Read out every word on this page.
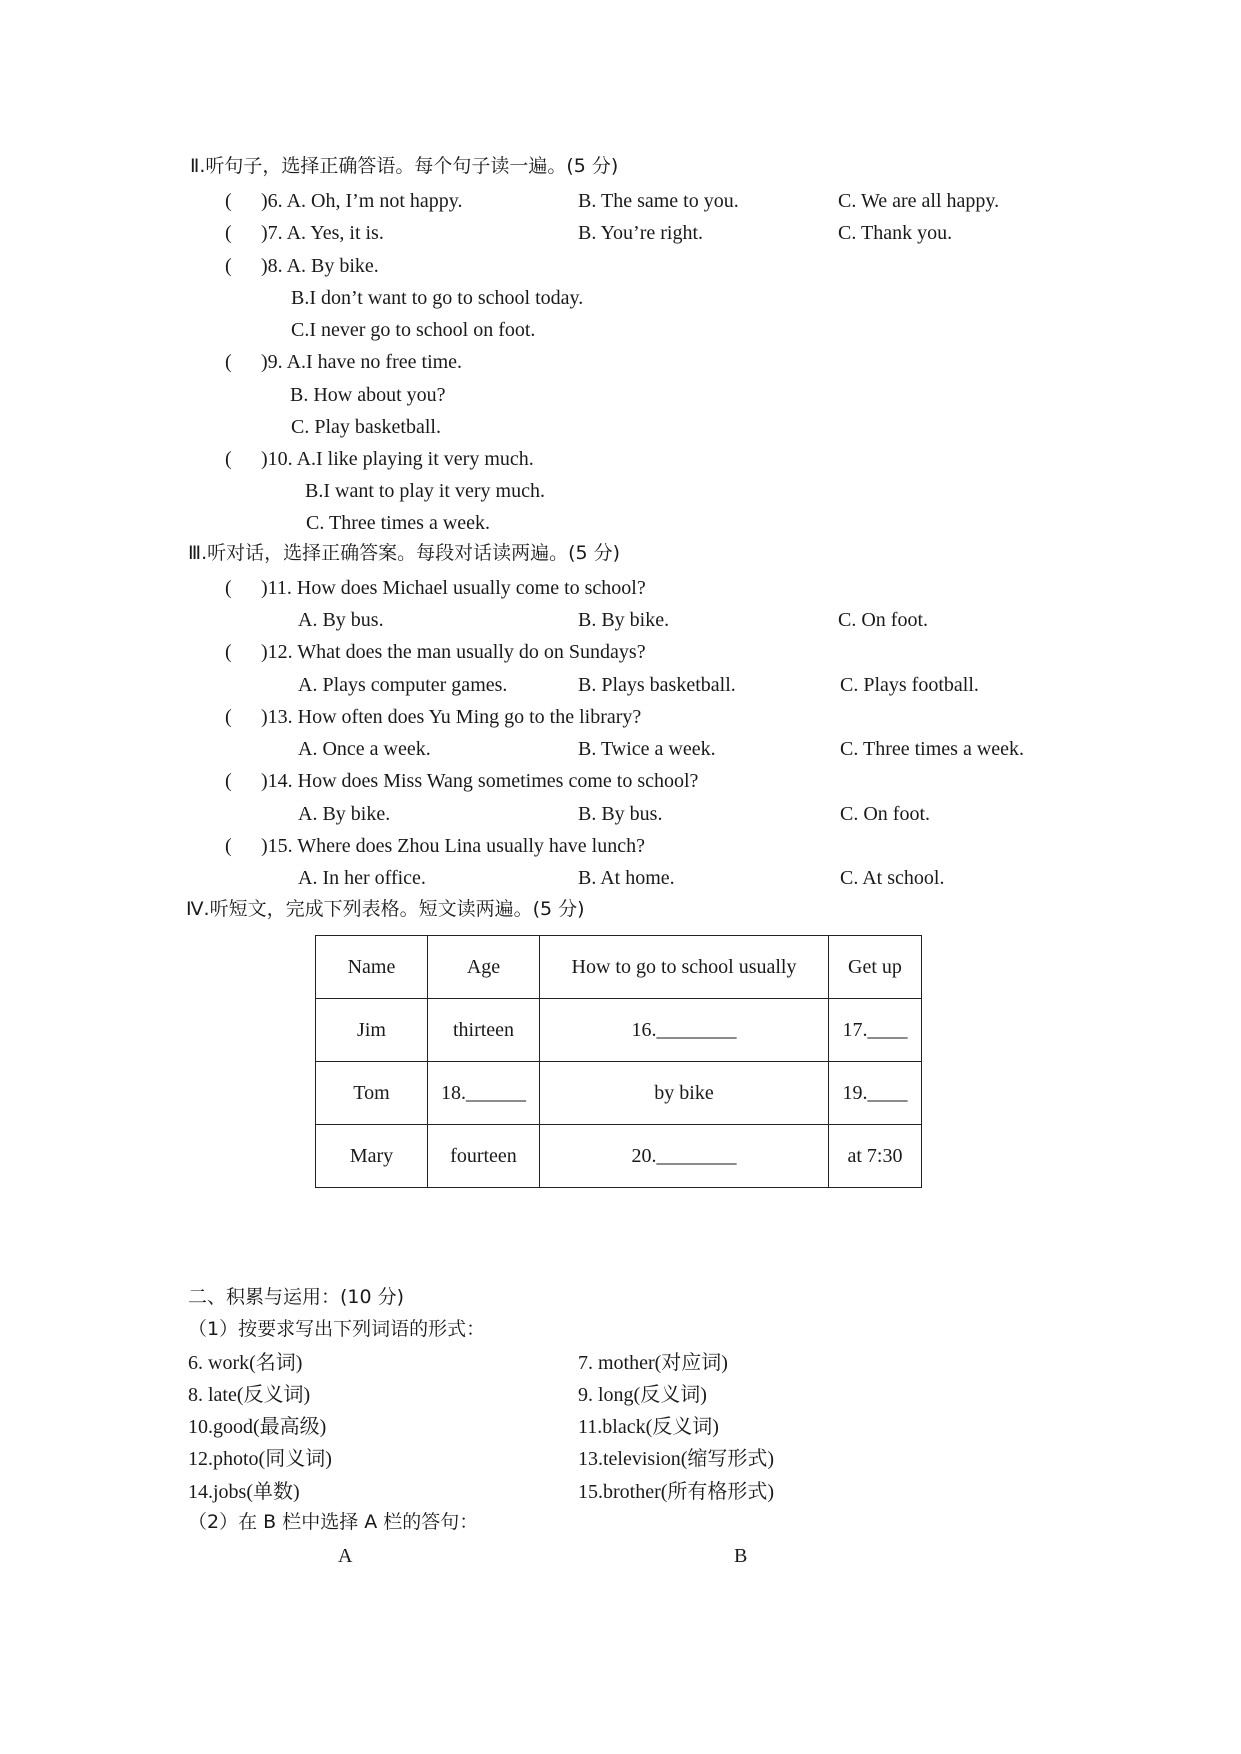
Ⅱ.听句子，选择正确答语。每个句子读一遍。(5 分)
( )6. A. Oh, I’m not happy.	B. The same to you.	C. We are all happy.
( )7. A. Yes, it is.	B. You’re right.	C. Thank you.
( )8. A. By bike.
B.I don’t want to go to school today.
C.I never go to school on foot.
( )9. A.I have no free time.
B. How about you?
C. Play basketball.
( )10. A.I like playing it very much.
B.I want to play it very much.
C. Three times a week.
Ⅲ.听对话，选择正确答案。每段对话读两遍。(5 分)
( )11. How does Michael usually come to school?
A. By bus.	B. By bike.	C. On foot.
( )12. What does the man usually do on Sundays?
A. Plays computer games.	B. Plays basketball.	C. Plays football.
( )13. How often does Yu Ming go to the library?
A. Once a week.	B. Twice a week.	C. Three times a week.
( )14. How does Miss Wang sometimes come to school?
A. By bike.	B. By bus.	C. On foot.
( )15. Where does Zhou Lina usually have lunch?
A. In her office.	B. At home.	C. At school.
Ⅳ.听短文，完成下列表格。短文读两遍。(5 分)
Name	Age	How to go to school usually	Get up
Jim	thirteen	16.________	17.____
Tom	18.______	by bike	19.____
Mary	fourteen	20.________	at 7:30
二、积累与运用：(10 分)
（1）按要求写出下列词语的形式：
6. work(名词)	7. mother(对应词)
8. late(反义词)	9. long(反义词)
10.good(最高级)	11.black(反义词)
12.photo(同义词)	13.television(缩写形式)
14.jobs(单数)	15.brother(所有格形式)
（2）在 B 栏中选择 A 栏的答句：
A	B
